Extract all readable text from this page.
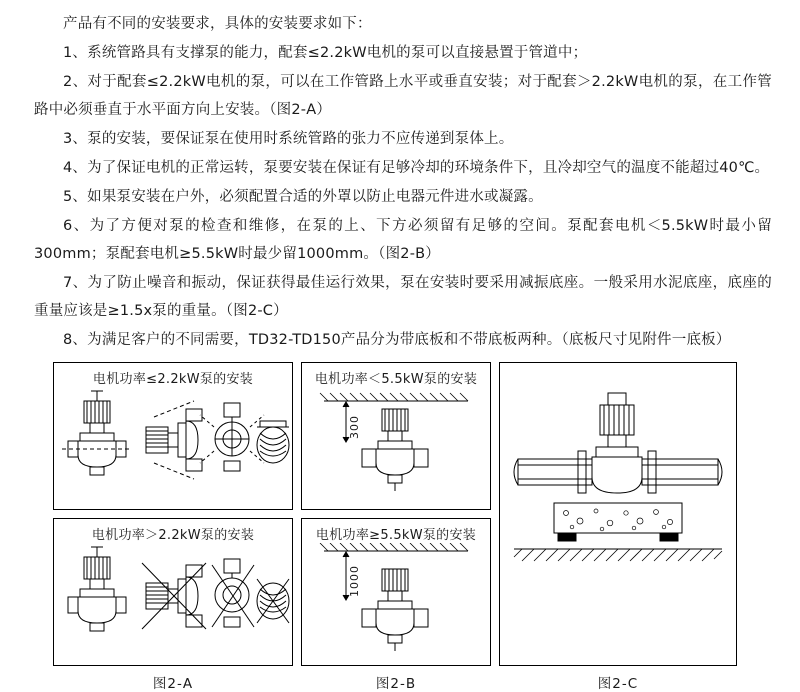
产品有不同的安装要求，具体的安装要求如下：

1、系统管路具有支撑泵的能力，配套≤2.2kW电机的泵可以直接悬置于管道中；

2、对于配套≤2.2kW电机的泵，可以在工作管路上水平或垂直安装；对于配套＞2.2kW电机的泵，在工作管路中必须垂直于水平面方向上安装。（图2-A）

3、泵的安装，要保证泵在使用时系统管路的张力不应传递到泵体上。

4、为了保证电机的正常运转，泵要安装在保证有足够冷却的环境条件下，且冷却空气的温度不能超过40℃。

5、如果泵安装在户外，必须配置合适的外罩以防止电器元件进水或凝露。

6、为了方便对泵的检查和维修，在泵的上、下方必须留有足够的空间。泵配套电机＜5.5kW时最小留300mm；泵配套电机≥5.5kW时最少留1000mm。（图2-B）

7、为了防止噪音和振动，保证获得最佳运行效果，泵在安装时要采用减振底座。一般采用水泥底座，底座的重量应该是≥1.5x泵的重量。（图2-C）

8、为满足客户的不同需要，TD32-TD150产品分为带底板和不带底板两种。（底板尺寸见附件一底板）

电机功率≤2.2kW泵的安装
电机功率＞2.2kW泵的安装
电机功率＜5.5kW泵的安装
300
电机功率≥5.5kW泵的安装
1000
图2-A	图2-B	图2-C
